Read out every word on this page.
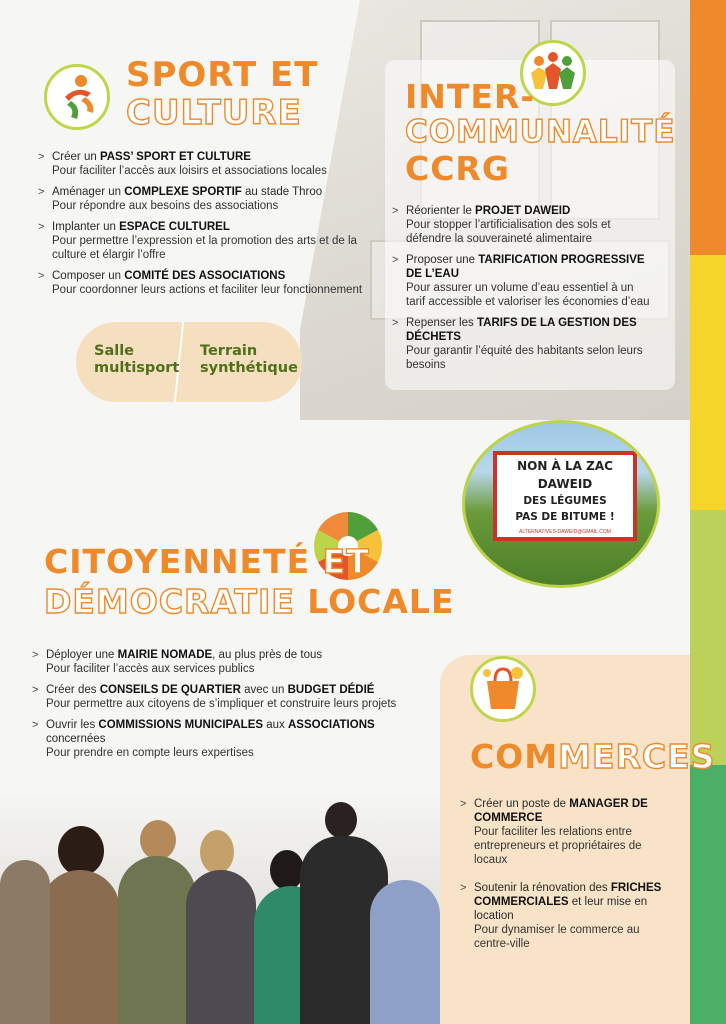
SPORT ET
CULTURE
> Créer un PASS’ SPORT ET CULTURE
Pour faciliter l’accès aux loisirs et associations locales
> Aménager un COMPLEXE SPORTIF au stade Throo
Pour répondre aux besoins des associations
> Implanter un ESPACE CULTUREL
Pour permettre l’expression et la promotion des arts et de la culture et élargir l’offre
> Composer un COMITÉ DES ASSOCIATIONS
Pour coordonner leurs actions et faciliter leur fonctionnement
Salle
multisport
Terrain
synthétique
INTER-
COMMUNALITÉ
CCRG
> Réorienter le PROJET DAWEID
Pour stopper l’artificialisation des sols et défendre la souveraineté alimentaire
> Proposer une TARIFICATION PROGRESSIVE DE L’EAU
Pour assurer un volume d’eau essentiel à un tarif accessible et valoriser les économies d’eau
> Repenser les TARIFS DE LA GESTION DES DÉCHETS
Pour garantir l’équité des habitants selon leurs besoins
NON À LA ZAC
DAWEID
DES LÉGUMES
PAS DE BITUME !
ALTERNATIVES-DAWEID@GMAIL.COM
CITOYENNETÉ ET
DÉMOCRATIE LOCALE
> Déployer une MAIRIE NOMADE, au plus près de tous
Pour faciliter l’accès aux services publics
> Créer des CONSEILS DE QUARTIER avec un BUDGET DÉDIÉ
Pour permettre aux citoyens de s’impliquer et construire leurs projets
> Ouvrir les COMMISSIONS MUNICIPALES aux ASSOCIATIONS concernées
Pour prendre en compte leurs expertises	COMMERCES
> Créer un poste de MANAGER DE COMMERCE
Pour faciliter les relations entre entrepreneurs et propriétaires de locaux
> Soutenir la rénovation des FRICHES COMMERCIALES et leur mise en location
Pour dynamiser le commerce au centre-ville
